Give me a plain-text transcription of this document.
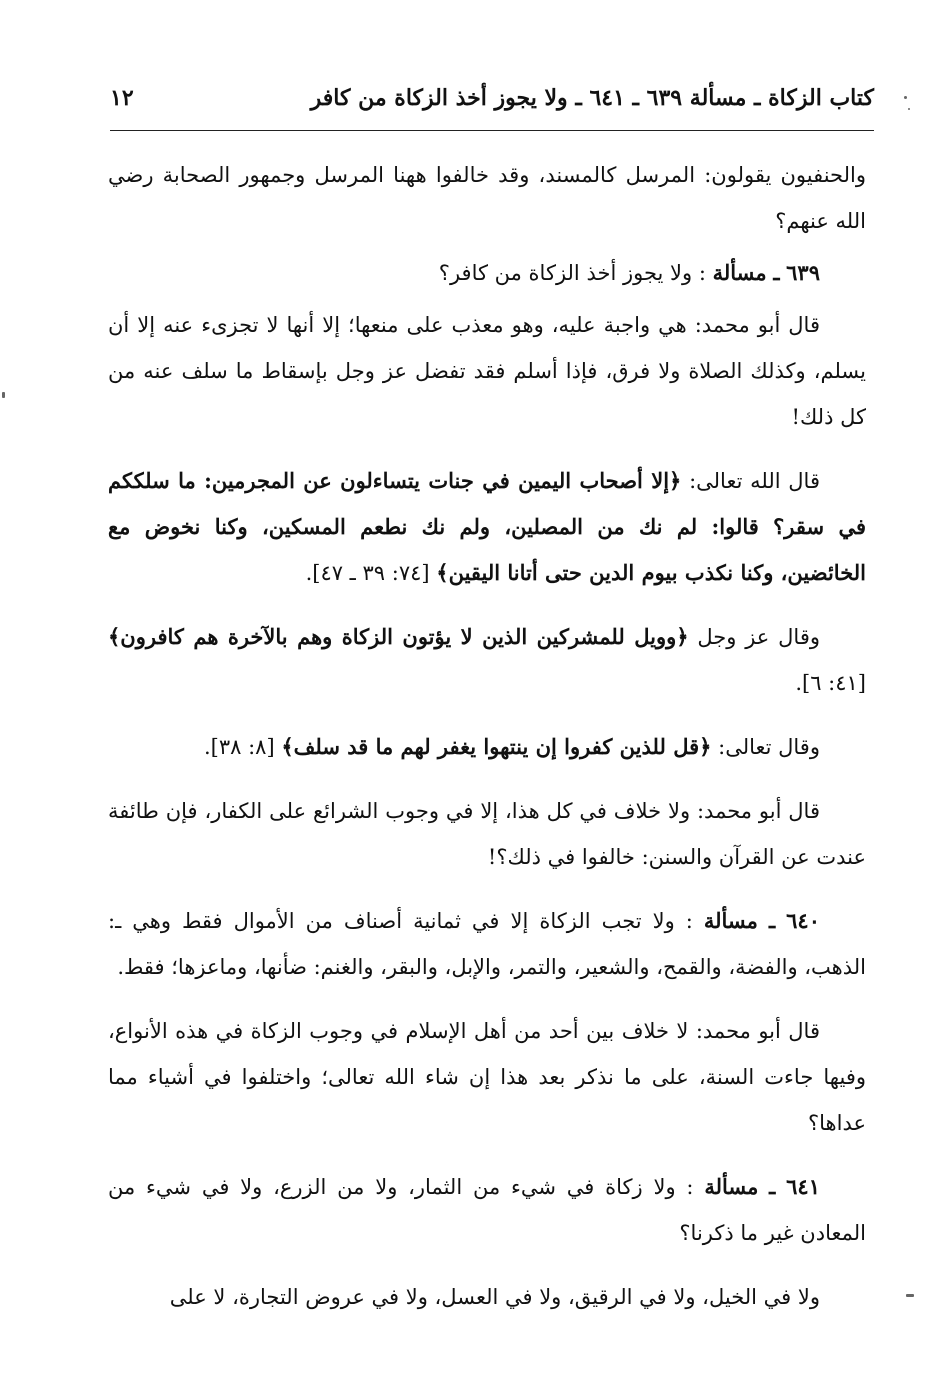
كتاب الزكاة ـ مسألة ٦٣٩ ـ ٦٤١ ـ ولا يجوز أخذ الزكاة من كافر
١٢

والحنفيون يقولون: المرسل كالمسند، وقد خالفوا ههنا المرسل وجمهور الصحابة رضي الله عنهم؟

٦٣٩ ـ مسألة : ولا يجوز أخذ الزكاة من كافر؟

قال أبو محمد: هي واجبة عليه، وهو معذب على منعها؛ إلا أنها لا تجزىء عنه إلا أن يسلم، وكذلك الصلاة ولا فرق، فإذا أسلم فقد تفضل عز وجل بإسقاط ما سلف عنه من كل ذلك!

قال الله تعالى: ﴿إلا أصحاب اليمين في جنات يتساءلون عن المجرمين: ما سلككم في سقر؟ قالوا: لم نك من المصلين، ولم نك نطعم المسكين، وكنا نخوض مع الخائضين، وكنا نكذب بيوم الدين حتى أتانا اليقين﴾ [٧٤: ٣٩ ـ ٤٧].

وقال عز وجل ﴿وويل للمشركين الذين لا يؤتون الزكاة وهم بالآخرة هم كافرون﴾ [٤١: ٦].

وقال تعالى: ﴿قل للذين كفروا إن ينتهوا يغفر لهم ما قد سلف﴾ [٨: ٣٨].

قال أبو محمد: ولا خلاف في كل هذا، إلا في وجوب الشرائع على الكفار، فإن طائفة عندت عن القرآن والسنن: خالفوا في ذلك؟!

٦٤٠ ـ مسألة : ولا تجب الزكاة إلا في ثمانية أصناف من الأموال فقط وهي ـ: الذهب، والفضة، والقمح، والشعير، والتمر، والإبل، والبقر، والغنم: ضأنها، وماعزها؛ فقط.

قال أبو محمد: لا خلاف بين أحد من أهل الإسلام في وجوب الزكاة في هذه الأنواع، وفيها جاءت السنة، على ما نذكر بعد هذا إن شاء الله تعالى؛ واختلفوا في أشياء مما عداها؟

٦٤١ ـ مسألة : ولا زكاة في شيء من الثمار، ولا من الزرع، ولا في شيء من المعادن غير ما ذكرنا؟

ولا في الخيل، ولا في الرقيق، ولا في العسل، ولا في عروض التجارة، لا على
